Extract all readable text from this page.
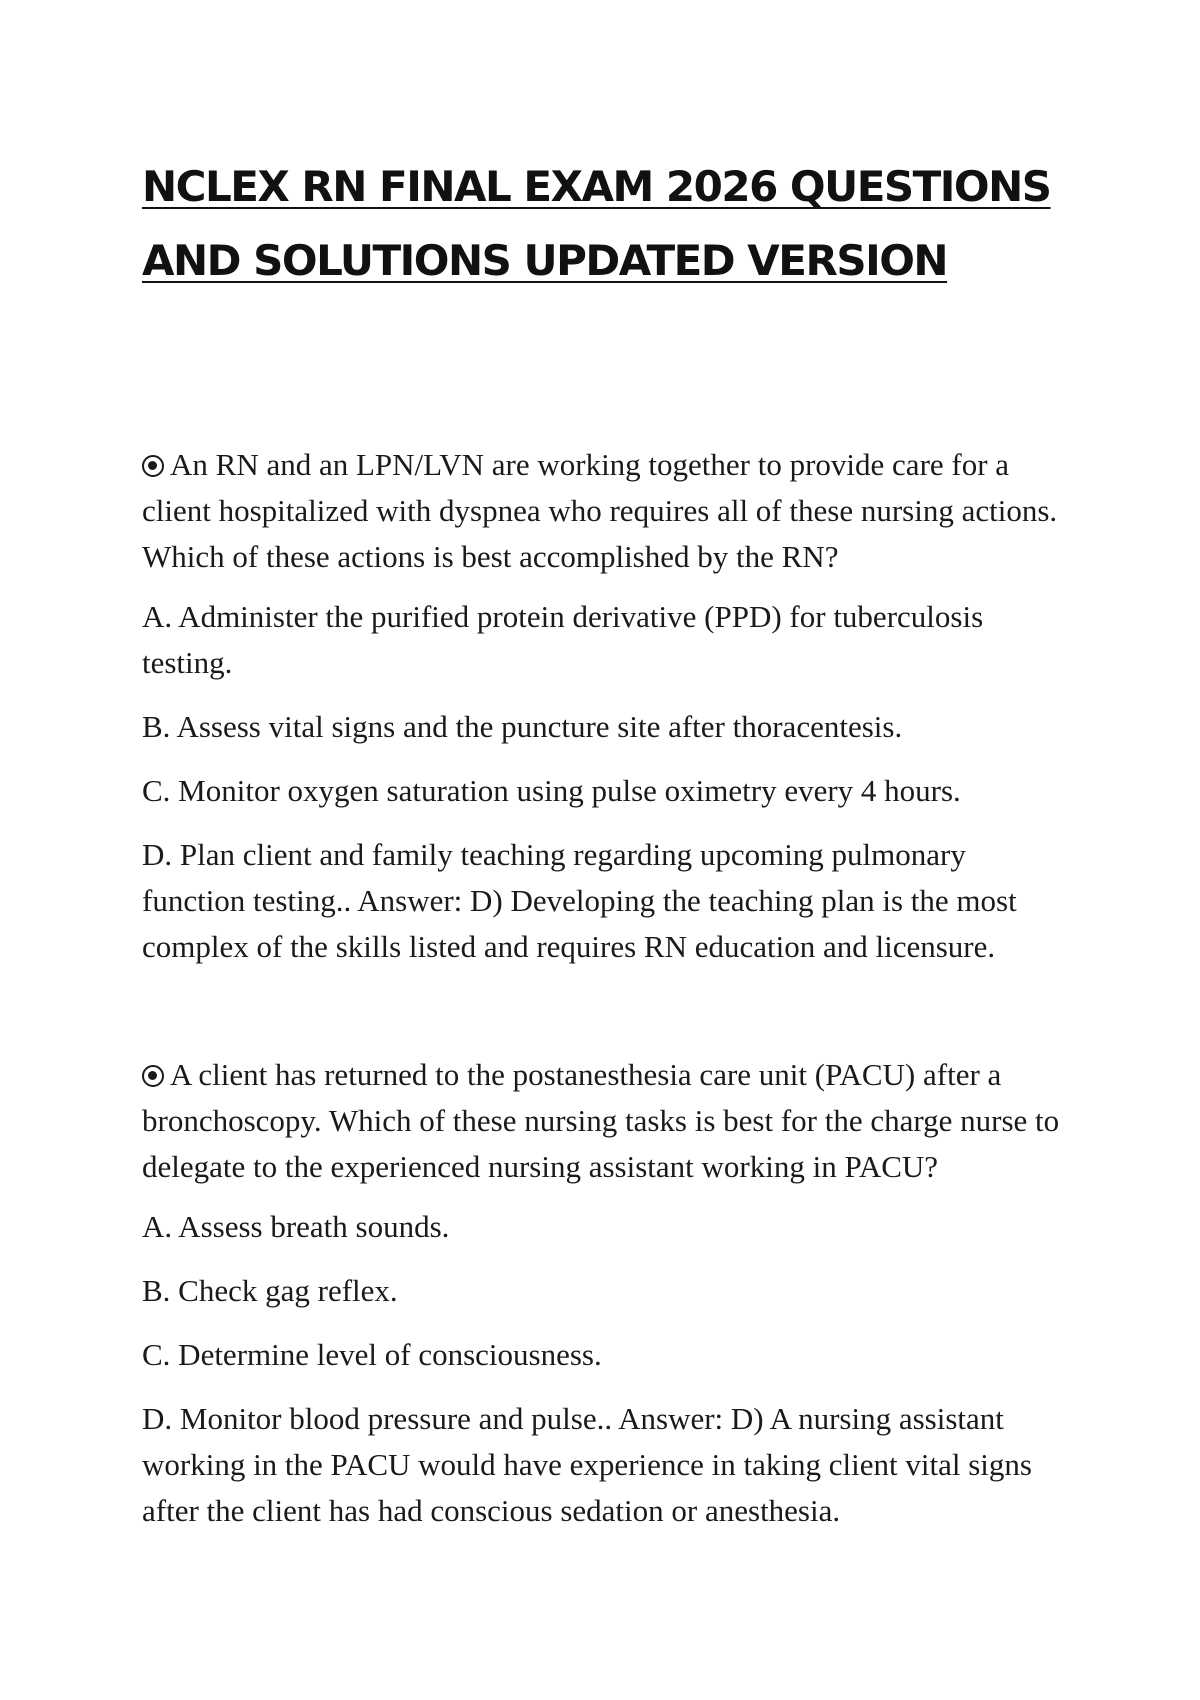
NCLEX RN FINAL EXAM 2026 QUESTIONS AND SOLUTIONS UPDATED VERSION

An RN and an LPN/LVN are working together to provide care for a client hospitalized with dyspnea who requires all of these nursing actions. Which of these actions is best accomplished by the RN?

A. Administer the purified protein derivative (PPD) for tuberculosis testing.

B. Assess vital signs and the puncture site after thoracentesis.

C. Monitor oxygen saturation using pulse oximetry every 4 hours.

D. Plan client and family teaching regarding upcoming pulmonary function testing.. Answer: D) Developing the teaching plan is the most complex of the skills listed and requires RN education and licensure.

A client has returned to the postanesthesia care unit (PACU) after a bronchoscopy. Which of these nursing tasks is best for the charge nurse to delegate to the experienced nursing assistant working in PACU?

A. Assess breath sounds.

B. Check gag reflex.

C. Determine level of consciousness.

D. Monitor blood pressure and pulse.. Answer: D) A nursing assistant working in the PACU would have experience in taking client vital signs after the client has had conscious sedation or anesthesia.
